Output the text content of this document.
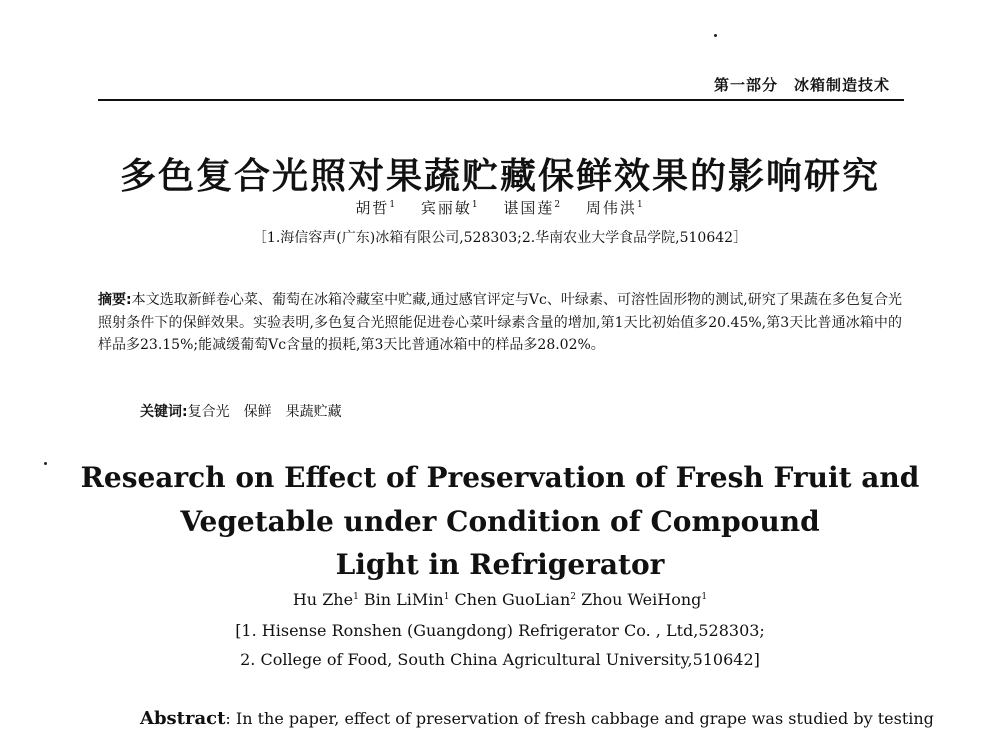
第一部分　冰箱制造技术
多色复合光照对果蔬贮藏保鲜效果的影响研究
胡哲$^1$　 宾丽敏$^1$　 谌国莲$^2$　 周伟洪$^1$
［1.海信容声(广东)冰箱有限公司,528303;2.华南农业大学食品学院,510642］
摘要:本文选取新鲜卷心菜、葡萄在冰箱冷藏室中贮藏,通过感官评定与Vc、叶绿素、可溶性固形物的测试,研究了果蔬在多色复合光照射条件下的保鲜效果。实验表明,多色复合光照能促进卷心菜叶绿素含量的增加,第1天比初始值多20.45%,第3天比普通冰箱中的样品多23.15%;能减缓葡萄Vc含量的损耗,第3天比普通冰箱中的样品多28.02%。
关键词:复合光　保鲜　果蔬贮藏
Research on Effect of Preservation of Fresh Fruit and
Vegetable under Condition of Compound
Light in Refrigerator
Hu Zhe$^1$ Bin LiMin$^1$ Chen GuoLian$^2$ Zhou WeiHong$^1$
[1. Hisense Ronshen (Guangdong) Refrigerator Co. , Ltd,528303;
2. College of Food, South China Agricultural University,510642]
Abstract: In the paper, effect of preservation of fresh cabbage and grape was studied by testing
